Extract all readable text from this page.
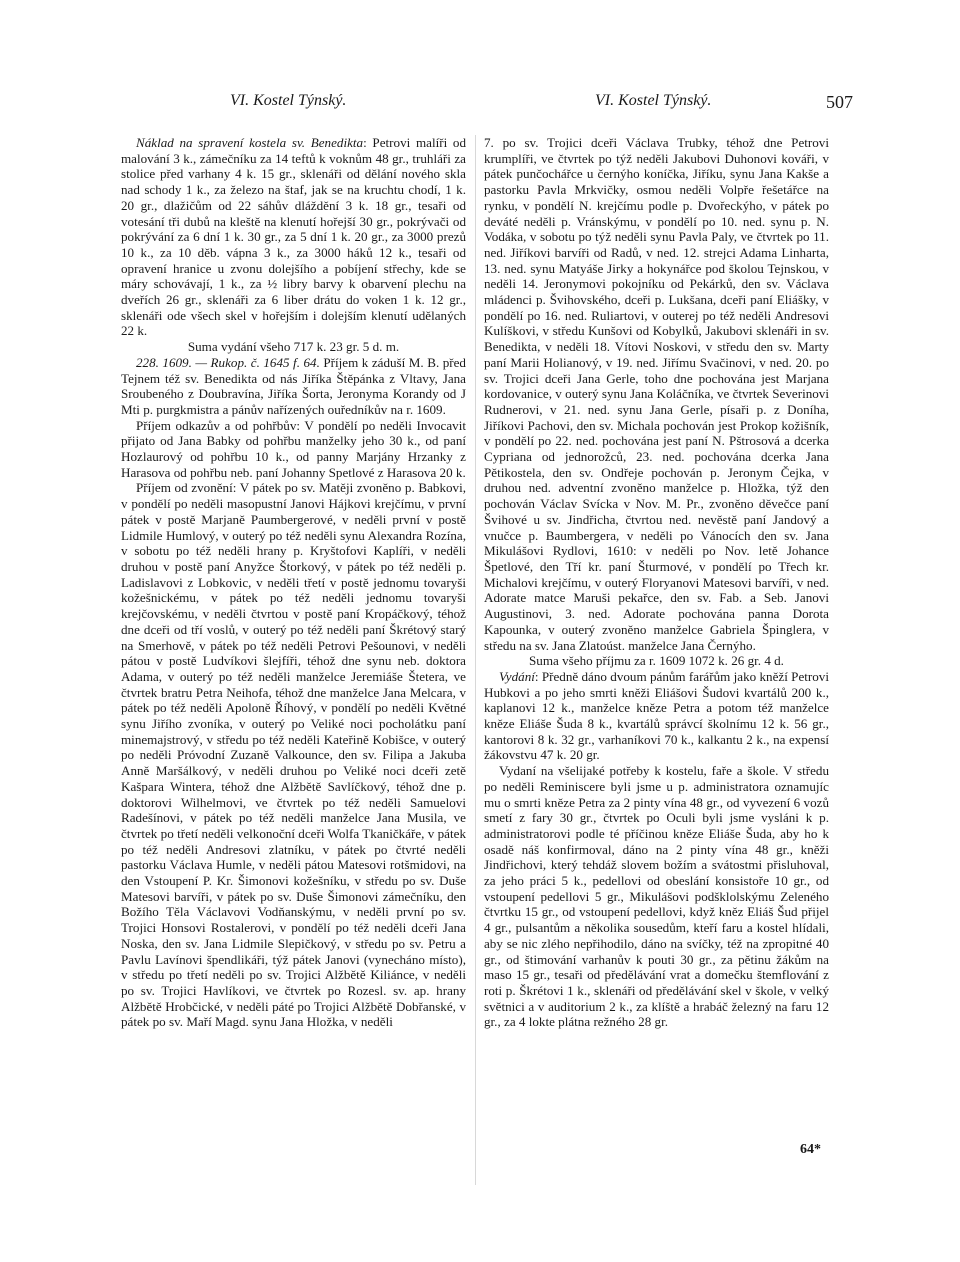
VI. Kostel Týnský.	VI. Kostel Týnský.	507

Náklad na spravení kostela sv. Benedikta: Petrovi malíři od malování 3 k., zámečníku za 14 teftů k voknům 48 gr., truhláři za stolice před varhany 4 k. 15 gr., sklenáři od dělání nového skla nad schody 1 k., za železo na štaf, jak se na kruchtu chodí, 1 k. 20 gr., dlažičům od 22 sáhův dláždění 3 k. 18 gr., tesaři od votesání tři dubů na kleště na klenutí hořejší 30 gr., pokrývači od pokrývání za 6 dní 1 k. 30 gr., za 5 dní 1 k. 20 gr., za 3000 prezů 10 k., za 10 děb. vápna 3 k., za 3000 háků 12 k., tesaři od opravení hranice u zvonu dolejšího a pobíjení střechy, kde se máry schovávají, 1 k., za ½ libry barvy k obarvení plechu na dveřích 26 gr., sklenáři za 6 liber drátu do voken 1 k. 12 gr., sklenáři ode všech skel v hořejším i dolejším klenutí udělaných 22 k.

Suma vydání všeho 717 k. 23 gr. 5 d. m.

228. 1609. — Rukop. č. 1645 f. 64. Příjem k záduší M. B. před Tejnem též sv. Benedikta od nás Jiříka Štěpánka z Vltavy, Jana Sroubeného z Doubravína, Jiříka Šorta, Jeronyma Korandy od J Mti p. purgkmistra a pánův nařízených ouředníkův na r. 1609.

Příjem odkazův a od pohřbův: V pondělí po neděli Invocavit přijato od Jana Babky od pohřbu manželky jeho 30 k., od paní Hozlaurový od pohřbu 10 k., od panny Marjány Hrzanky z Harasova od pohřbu neb. paní Johanny Spetlové z Harasova 20 k.

Příjem od zvonění: V pátek po sv. Matěji zvoněno p. Babkovi, v pondělí po neděli masopustní Janovi Hájkovi krejčímu, v první pátek v postě Marjaně Paumbergerové, v neděli první v postě Lidmile Humlový, v outerý po též neděli synu Alexandra Rozína, v sobotu po též neděli hrany p. Kryštofovi Kaplíři, v neděli druhou v postě paní Anyžce Štorkový, v pátek po též neděli p. Ladislavovi z Lobkovic, v neděli třetí v postě jednomu tovaryši kožešnickému, v pátek po též neděli jednomu tovaryši krejčovskému, v neděli čtvrtou v postě paní Kropáčkový, téhož dne dceři od tří voslů, v outerý po též neděli paní Škrétový starý na Smerhově, v pátek po též neděli Petrovi Pešounovi, v neděli pátou v postě Ludvíkovi šlejfíři, téhož dne synu neb. doktora Adama, v outerý po též neděli manželce Jeremiáše Štetera, ve čtvrtek bratru Petra Neihofa, téhož dne manželce Jana Melcara, v pátek po též neděli Apoloně Říhový, v pondělí po neděli Květné synu Jiřího zvoníka, v outerý po Veliké noci pocholátku paní minemajstrový, v středu po též neděli Kateřině Kobišce, v outerý po neděli Próvodní Zuzaně Valkounce, den sv. Filipa a Jakuba Anně Maršálkový, v neděli druhou po Veliké noci dceři zetě Kašpara Wintera, téhož dne Alžbětě Savlíčkový, téhož dne p. doktorovi Wilhelmovi, ve čtvrtek po též neděli Samuelovi Radešínovi, v pátek po též neděli manželce Jana Musila, ve čtvrtek po třetí neděli velkonoční dceři Wolfa Tkaničkáře, v pátek po též neděli Andresovi zlatníku, v pátek po čtvrté neděli pastorku Václava Humle, v neděli pátou Matesovi rotšmidovi, na den Vstoupení P. Kr. Šimonovi kožešníku, v středu po sv. Duše Matesovi barvíři, v pátek po sv. Duše Šimonovi zámečníku, den Božího Těla Václavovi Vodňanskýmu, v neděli první po sv. Trojici Honsovi Rostalerovi, v pondělí po též neděli dceři Jana Noska, den sv. Jana Lidmile Slepičkový, v středu po sv. Petru a Pavlu Lavínovi špendlikáři, týž pátek Janovi (vynecháno místo), v středu po třetí neděli po sv. Trojici Alžbětě Kiliánce, v neděli po sv. Trojici Havlíkovi, ve čtvrtek po Rozesl. sv. ap. hrany Alžbětě Hrobčické, v neděli páté po Trojici Alžbětě Dobřanské, v pátek po sv. Maří Magd. synu Jana Hložka, v neděli

7. po sv. Trojici dceři Václava Trubky, téhož dne Petrovi krumplíři, ve čtvrtek po týž neděli Jakubovi Duhonovi kováři, v pátek punčochářce u černýho koníčka, Jiříku, synu Jana Kakše a pastorku Pavla Mrkvičky, osmou neděli Volpře řešetářce na rynku, v pondělí N. krejčímu podle p. Dvořeckýho, v pátek po deváté neděli p. Vránskýmu, v pondělí po 10. ned. synu p. N. Vodáka, v sobotu po týž neděli synu Pavla Paly, ve čtvrtek po 11. ned. Jiříkovi barvíři od Radů, v ned. 12. strejci Adama Linharta, 13. ned. synu Matyáše Jirky a hokynářce pod školou Tejnskou, v neděli 14. Jeronymovi pokojníku od Pekárků, den sv. Václava mládenci p. Švihovského, dceři p. Lukšana, dceři paní Eliášky, v pondělí po 16. ned. Ruliartovi, v outerej po též neděli Andresovi Kulíškovi, v středu Kunšovi od Kobylků, Jakubovi sklenáři in sv. Benedikta, v neděli 18. Vítovi Noskovi, v středu den sv. Marty paní Marii Holianový, v 19. ned. Jiřímu Svačinovi, v ned. 20. po sv. Trojici dceři Jana Gerle, toho dne pochována jest Marjana kordovanice, v outerý synu Jana Koláčníka, ve čtvrtek Severinovi Rudnerovi, v 21. ned. synu Jana Gerle, písaři p. z Doníha, Jiříkovi Pachovi, den sv. Michala pochován jest Prokop kožišník, v pondělí po 22. ned. pochována jest paní N. Pštrosová a dcerka Cypriana od jednorožců, 23. ned. pochována dcerka Jana Pětikostela, den sv. Ondřeje pochován p. Jeronym Čejka, v druhou ned. adventní zvoněno manželce p. Hložka, týž den pochován Václav Svícka v Nov. M. Pr., zvoněno děvečce paní Švihové u sv. Jindřicha, čtvrtou ned. nevěstě paní Jandový a vnučce p. Baumbergera, v neděli po Vánocích den sv. Jana Mikulášovi Rydlovi, 1610: v neděli po Nov. letě Johance Špetlové, den Tří kr. paní Šturmové, v pondělí po Třech kr. Michalovi krejčímu, v outerý Floryanovi Matesovi barvíři, v ned. Adorate matce Maruši pekařce, den sv. Fab. a Seb. Janovi Augustinovi, 3. ned. Adorate pochována panna Dorota Kapounka, v outerý zvoněno manželce Gabriela Špinglera, v středu na sv. Jana Zlatoúst. manželce Jana Černýho.

Suma všeho příjmu za r. 1609 1072 k. 26 gr. 4 d.

Vydání: Předně dáno dvoum pánům farářům jako kněží Petrovi Hubkovi a po jeho smrti kněži Eliášovi Šudovi kvartálů 200 k., kaplanovi 12 k., manželce kněze Petra a potom též manželce kněze Eliáše Šuda 8 k., kvartálů správcí školnímu 12 k. 56 gr., kantorovi 8 k. 32 gr., varhaníkovi 70 k., kalkantu 2 k., na expensí žákovstvu 47 k. 20 gr.

Vydaní na všelijaké potřeby k kostelu, faře a škole. V středu po neděli Reminiscere byli jsme u p. administratora oznamujíc mu o smrti kněze Petra za 2 pinty vína 48 gr., od vyvezení 6 vozů smetí z fary 30 gr., čtvrtek po Oculi byli jsme vysláni k p. administratorovi podle té příčinou kněze Eliáše Šuda, aby ho k osadě náš konfirmoval, dáno na 2 pinty vína 48 gr., kněži Jindřichovi, který tehdáž slovem božím a svátostmi přisluhoval, za jeho práci 5 k., pedellovi od obeslání konsistoře 10 gr., od vstoupení pedellovi 5 gr., Mikulášovi podšklolskýmu Zeleného čtvrtku 15 gr., od vstoupení pedellovi, když kněz Eliáš Šud přijel 4 gr., pulsantům a několika sousedům, kteří faru a kostel hlídali, aby se nic zlého nepřihodilo, dáno na svíčky, též na zpropitné 40 gr., od štimování varhanův k pouti 30 gr., za pětinu žákům na maso 15 gr., tesaři od předělávání vrat a domečku štemflování z roti p. Škrétovi 1 k., sklenáři od předělávání skel v škole, v velký světnici a v auditorium 2 k., za klíště a hrabáč železný na faru 12 gr., za 4 lokte plátna režného 28 gr.

64*
